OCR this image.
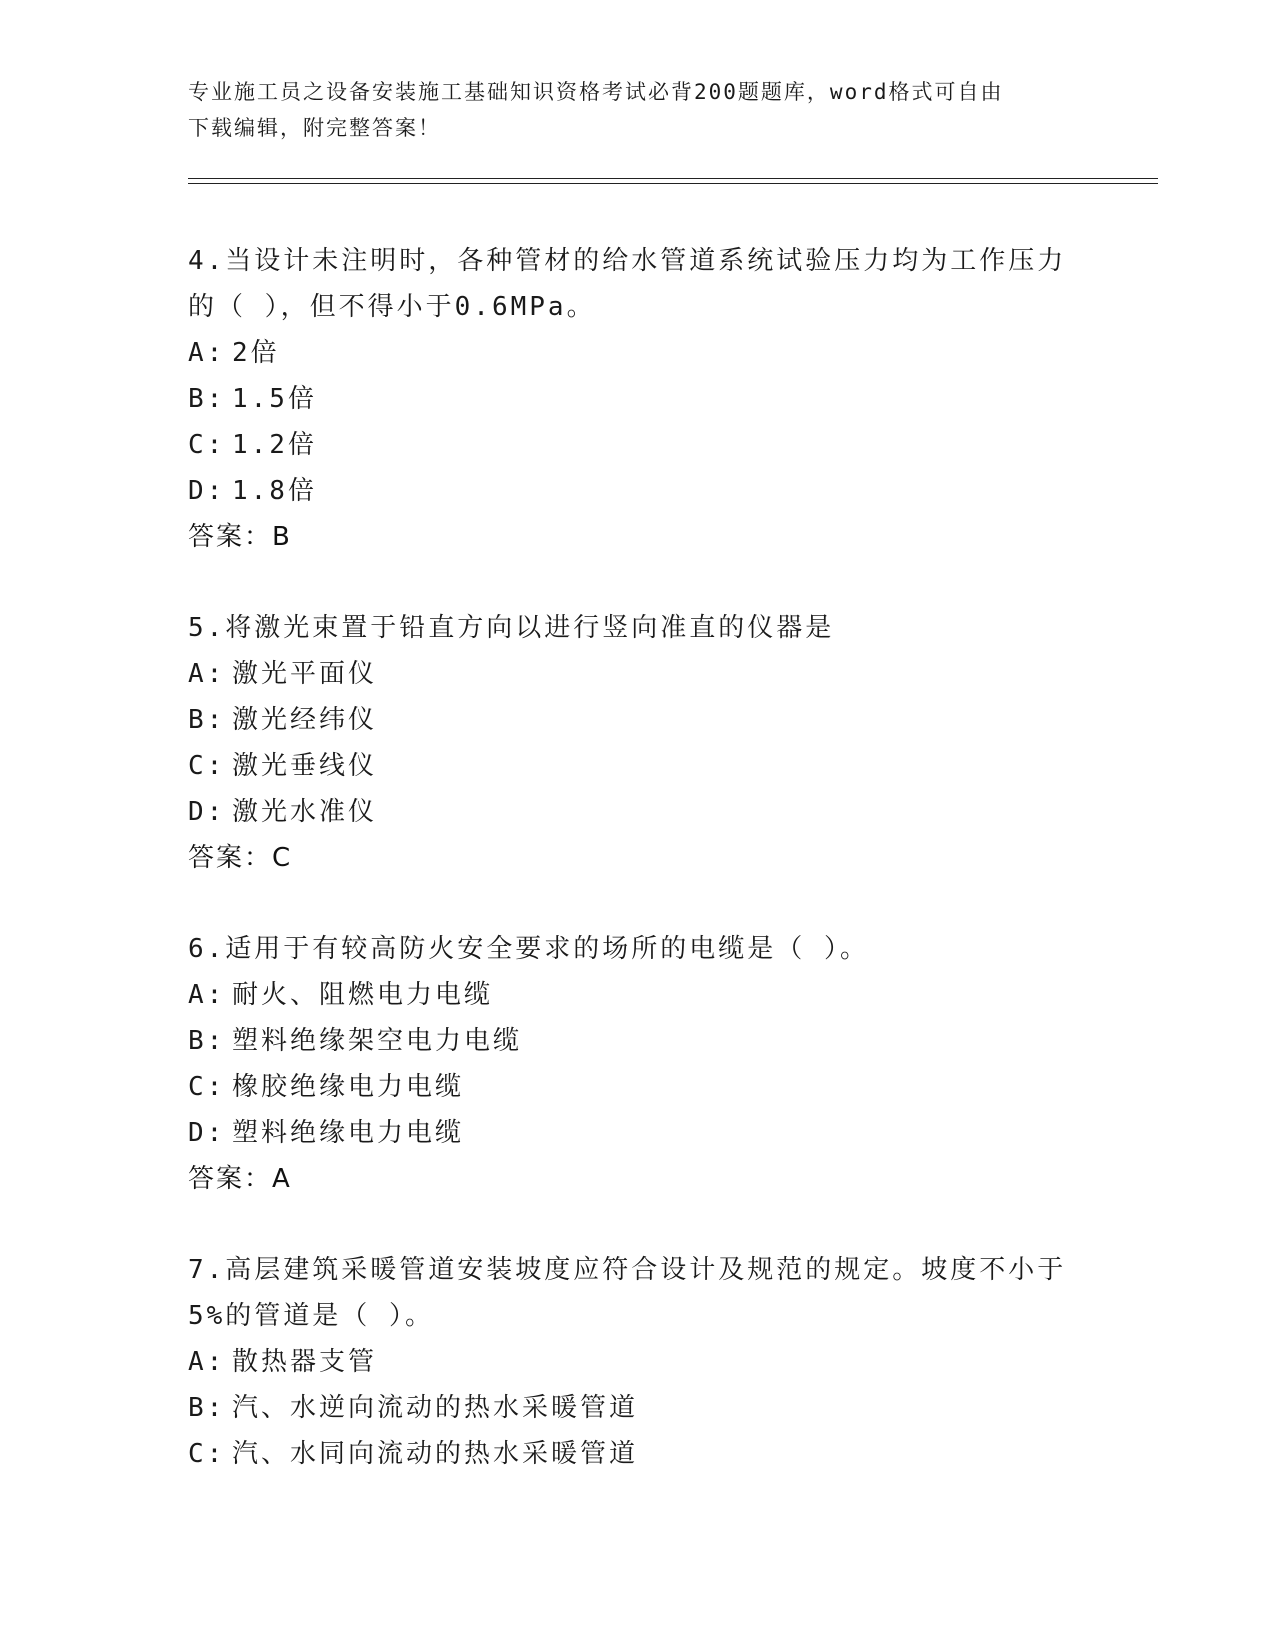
专业施工员之设备安装施工基础知识资格考试必背200题题库，word格式可自由
下载编辑，附完整答案！

4.当设计未注明时，各种管材的给水管道系统试验压力均为工作压力
的（ ），但不得小于0.6MPa。

A: 2倍

B: 1.5倍

C: 1.2倍

D: 1.8倍

答案：B

5.将激光束置于铅直方向以进行竖向准直的仪器是

A: 激光平面仪

B: 激光经纬仪

C: 激光垂线仪

D: 激光水准仪

答案：C

6.适用于有较高防火安全要求的场所的电缆是（ ）。

A: 耐火、阻燃电力电缆

B: 塑料绝缘架空电力电缆

C: 橡胶绝缘电力电缆

D: 塑料绝缘电力电缆

答案：A

7.高层建筑采暖管道安装坡度应符合设计及规范的规定。坡度不小于
5%的管道是（ ）。

A: 散热器支管

B: 汽、水逆向流动的热水采暖管道

C: 汽、水同向流动的热水采暖管道
